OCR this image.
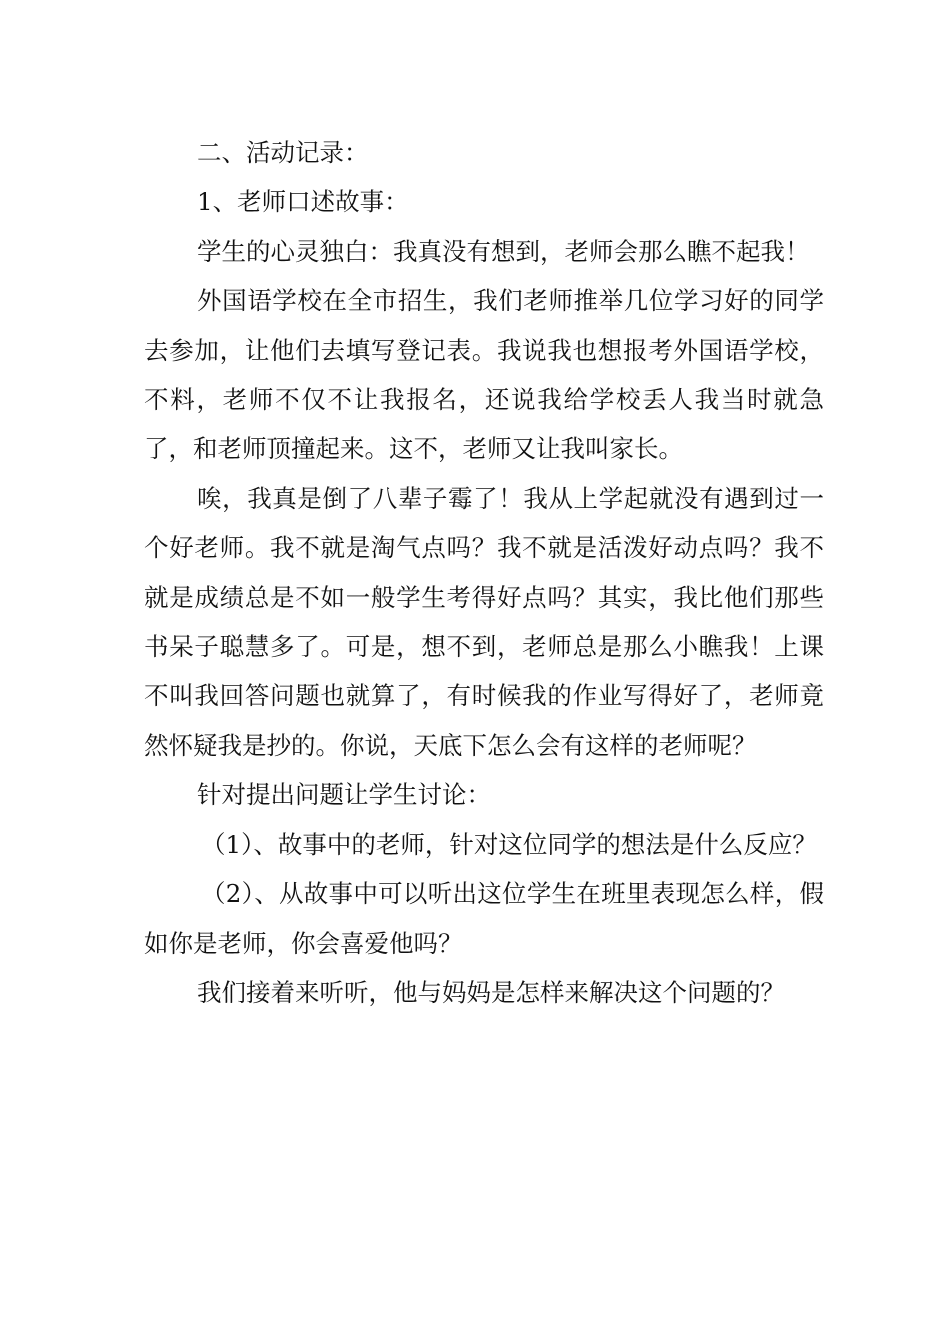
二、活动记录：

1、老师口述故事：

学生的心灵独白：我真没有想到，老师会那么瞧不起我！

外国语学校在全市招生，我们老师推举几位学习好的同学去参加，让他们去填写登记表。我说我也想报考外国语学校，不料，老师不仅不让我报名，还说我给学校丢人我当时就急了，和老师顶撞起来。这不，老师又让我叫家长。

唉，我真是倒了八辈子霉了！我从上学起就没有遇到过一个好老师。我不就是淘气点吗？我不就是活泼好动点吗？我不就是成绩总是不如一般学生考得好点吗？其实，我比他们那些书呆子聪慧多了。可是，想不到，老师总是那么小瞧我！上课不叫我回答问题也就算了，有时候我的作业写得好了，老师竟然怀疑我是抄的。你说，天底下怎么会有这样的老师呢？

针对提出问题让学生讨论：

（1）、故事中的老师，针对这位同学的想法是什么反应？

（2）、从故事中可以听出这位学生在班里表现怎么样，假如你是老师，你会喜爱他吗？

我们接着来听听，他与妈妈是怎样来解决这个问题的？
